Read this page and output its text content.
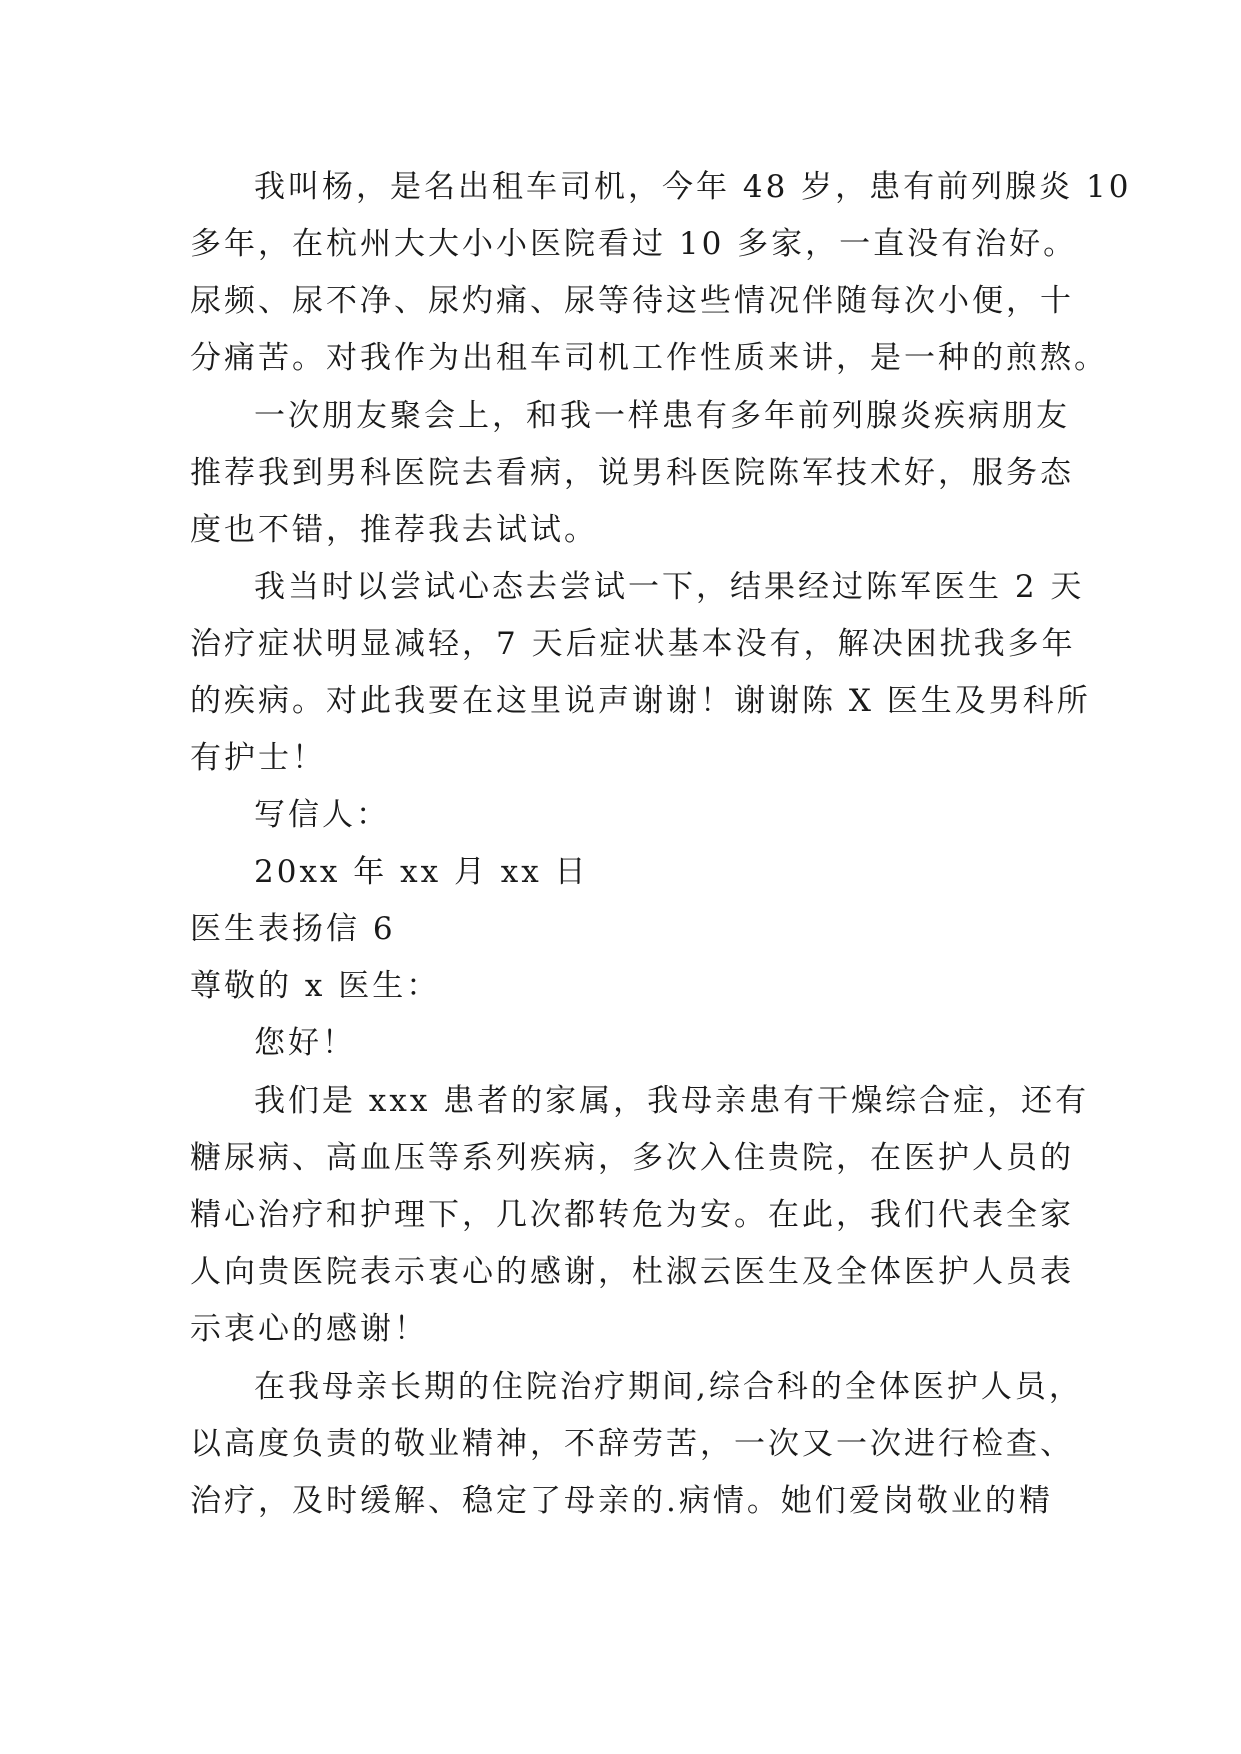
我叫杨，是名出租车司机，今年 48 岁，患有前列腺炎 10
多年，在杭州大大小小医院看过 10 多家，一直没有治好。
尿频、尿不净、尿灼痛、尿等待这些情况伴随每次小便，十
分痛苦。对我作为出租车司机工作性质来讲，是一种的煎熬。
一次朋友聚会上，和我一样患有多年前列腺炎疾病朋友
推荐我到男科医院去看病，说男科医院陈军技术好，服务态
度也不错，推荐我去试试。
我当时以尝试心态去尝试一下，结果经过陈军医生 2 天
治疗症状明显减轻，7 天后症状基本没有，解决困扰我多年
的疾病。对此我要在这里说声谢谢！谢谢陈 X 医生及男科所
有护士！
写信人：
20xx 年 xx 月 xx 日
医生表扬信 6
尊敬的 x 医生：
您好！
我们是 xxx 患者的家属，我母亲患有干燥综合症，还有
糖尿病、高血压等系列疾病，多次入住贵院，在医护人员的
精心治疗和护理下，几次都转危为安。在此，我们代表全家
人向贵医院表示衷心的感谢，杜淑云医生及全体医护人员表
示衷心的感谢！
在我母亲长期的住院治疗期间,综合科的全体医护人员，
以高度负责的敬业精神，不辞劳苦，一次又一次进行检查、
治疗，及时缓解、稳定了母亲的.病情。她们爱岗敬业的精
